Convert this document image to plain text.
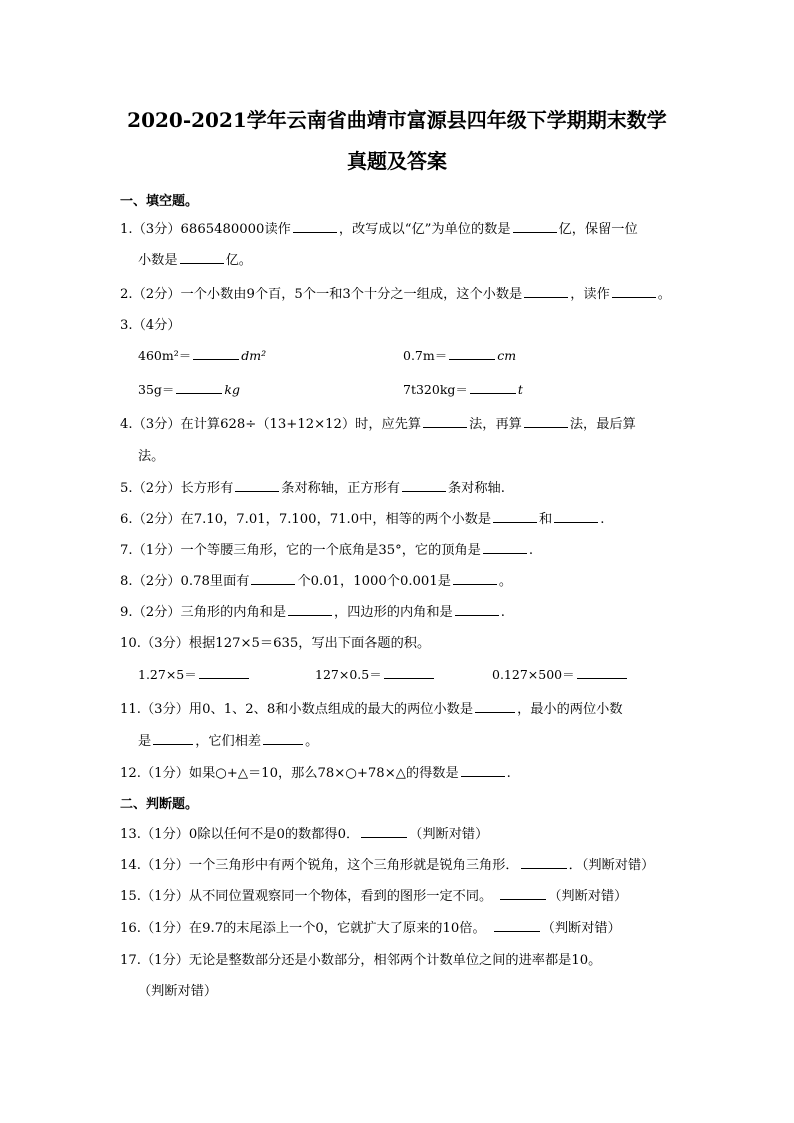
2020-2021学年云南省曲靖市富源县四年级下学期期末数学
真题及答案
一、填空题。
1.（3分）6865480000读作	，改写成以“亿”为单位的数是	亿，保留一位
小数是	亿。
2.（2分）一个小数由9个百，5个一和3个十分之一组成，这个小数是	，读作	。
3.（4分）
460m²＝	dm²	0.7m＝	cm
35g＝	kg	7t320kg＝	t
4.（3分）在计算628÷（13+12×12）时，应先算	法，再算	法，最后算
法。
5.（2分）长方形有	条对称轴，正方形有	条对称轴.
6.（2分）在7.10，7.01，7.100，71.0中，相等的两个小数是	和	.
7.（1分）一个等腰三角形，它的一个底角是35°，它的顶角是	.
8.（2分）0.78里面有	个0.01，1000个0.001是	。
9.（2分）三角形的内角和是	，四边形的内角和是	.
10.（3分）根据127×5＝635，写出下面各题的积。
1.27×5＝	127×0.5＝	0.127×500＝
11.（3分）用0、1、2、8和小数点组成的最大的两位小数是	，最小的两位小数
是	，它们相差	。
12.（1分）如果○+△＝10，那么78×○+78×△的得数是	.
二、判断题。
13.（1分）0除以任何不是0的数都得0．	（判断对错）
14.（1分）一个三角形中有两个锐角，这个三角形就是锐角三角形．	．（判断对错）
15.（1分）从不同位置观察同一个物体，看到的图形一定不同。	（判断对错）
16.（1分）在9.7的末尾添上一个0，它就扩大了原来的10倍。	（判断对错）
17.（1分）无论是整数部分还是小数部分，相邻两个计数单位之间的进率都是10。
（判断对错）
